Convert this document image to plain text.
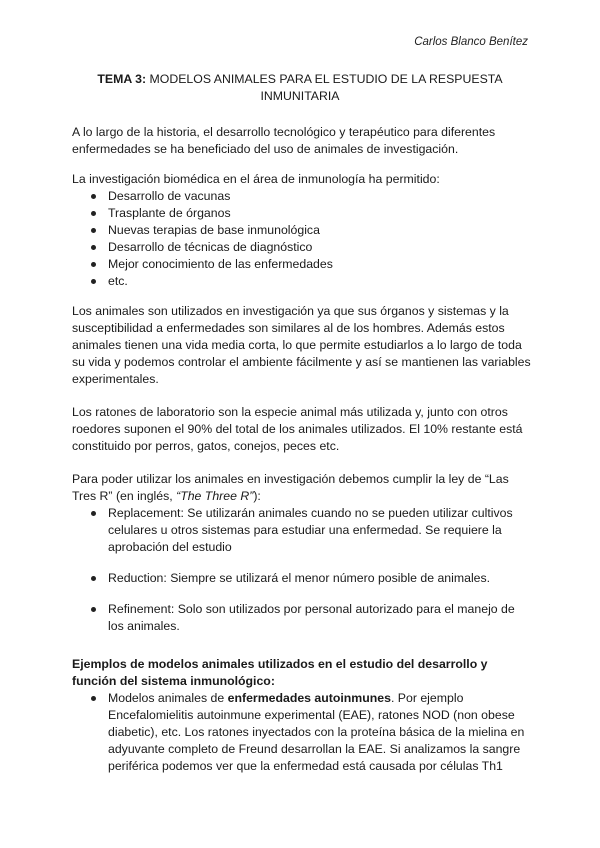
Carlos Blanco Benítez
TEMA 3: MODELOS ANIMALES PARA EL ESTUDIO DE LA RESPUESTA INMUNITARIA

A lo largo de la historia, el desarrollo tecnológico y terapéutico para diferentes enfermedades se ha beneficiado del uso de animales de investigación.

La investigación biomédica en el área de inmunología ha permitido:

Desarrollo de vacunas
Trasplante de órganos
Nuevas terapias de base inmunológica
Desarrollo de técnicas de diagnóstico
Mejor conocimiento de las enfermedades
etc.

Los animales son utilizados en investigación ya que sus órganos y sistemas y la susceptibilidad a enfermedades son similares al de los hombres. Además estos animales tienen una vida media corta, lo que permite estudiarlos a lo largo de toda su vida y podemos controlar el ambiente fácilmente y así se mantienen las variables experimentales.

Los ratones de laboratorio son la especie animal más utilizada y, junto con otros roedores suponen el 90% del total de los animales utilizados. El 10% restante está constituido por perros, gatos, conejos, peces etc.

Para poder utilizar los animales en investigación debemos cumplir la ley de “Las Tres R” (en inglés, “The Three R”):

Replacement: Se utilizarán animales cuando no se pueden utilizar cultivos celulares u otros sistemas para estudiar una enfermedad. Se requiere la aprobación del estudio
Reduction: Siempre se utilizará el menor número posible de animales.
Refinement: Solo son utilizados por personal autorizado para el manejo de los animales.

Ejemplos de modelos animales utilizados en el estudio del desarrollo y función del sistema inmunológico:

Modelos animales de enfermedades autoinmunes. Por ejemplo Encefalomielitis autoinmune experimental (EAE), ratones NOD (non obese diabetic), etc. Los ratones inyectados con la proteína básica de la mielina en adyuvante completo de Freund desarrollan la EAE. Si analizamos la sangre periférica podemos ver que la enfermedad está causada por células Th1
